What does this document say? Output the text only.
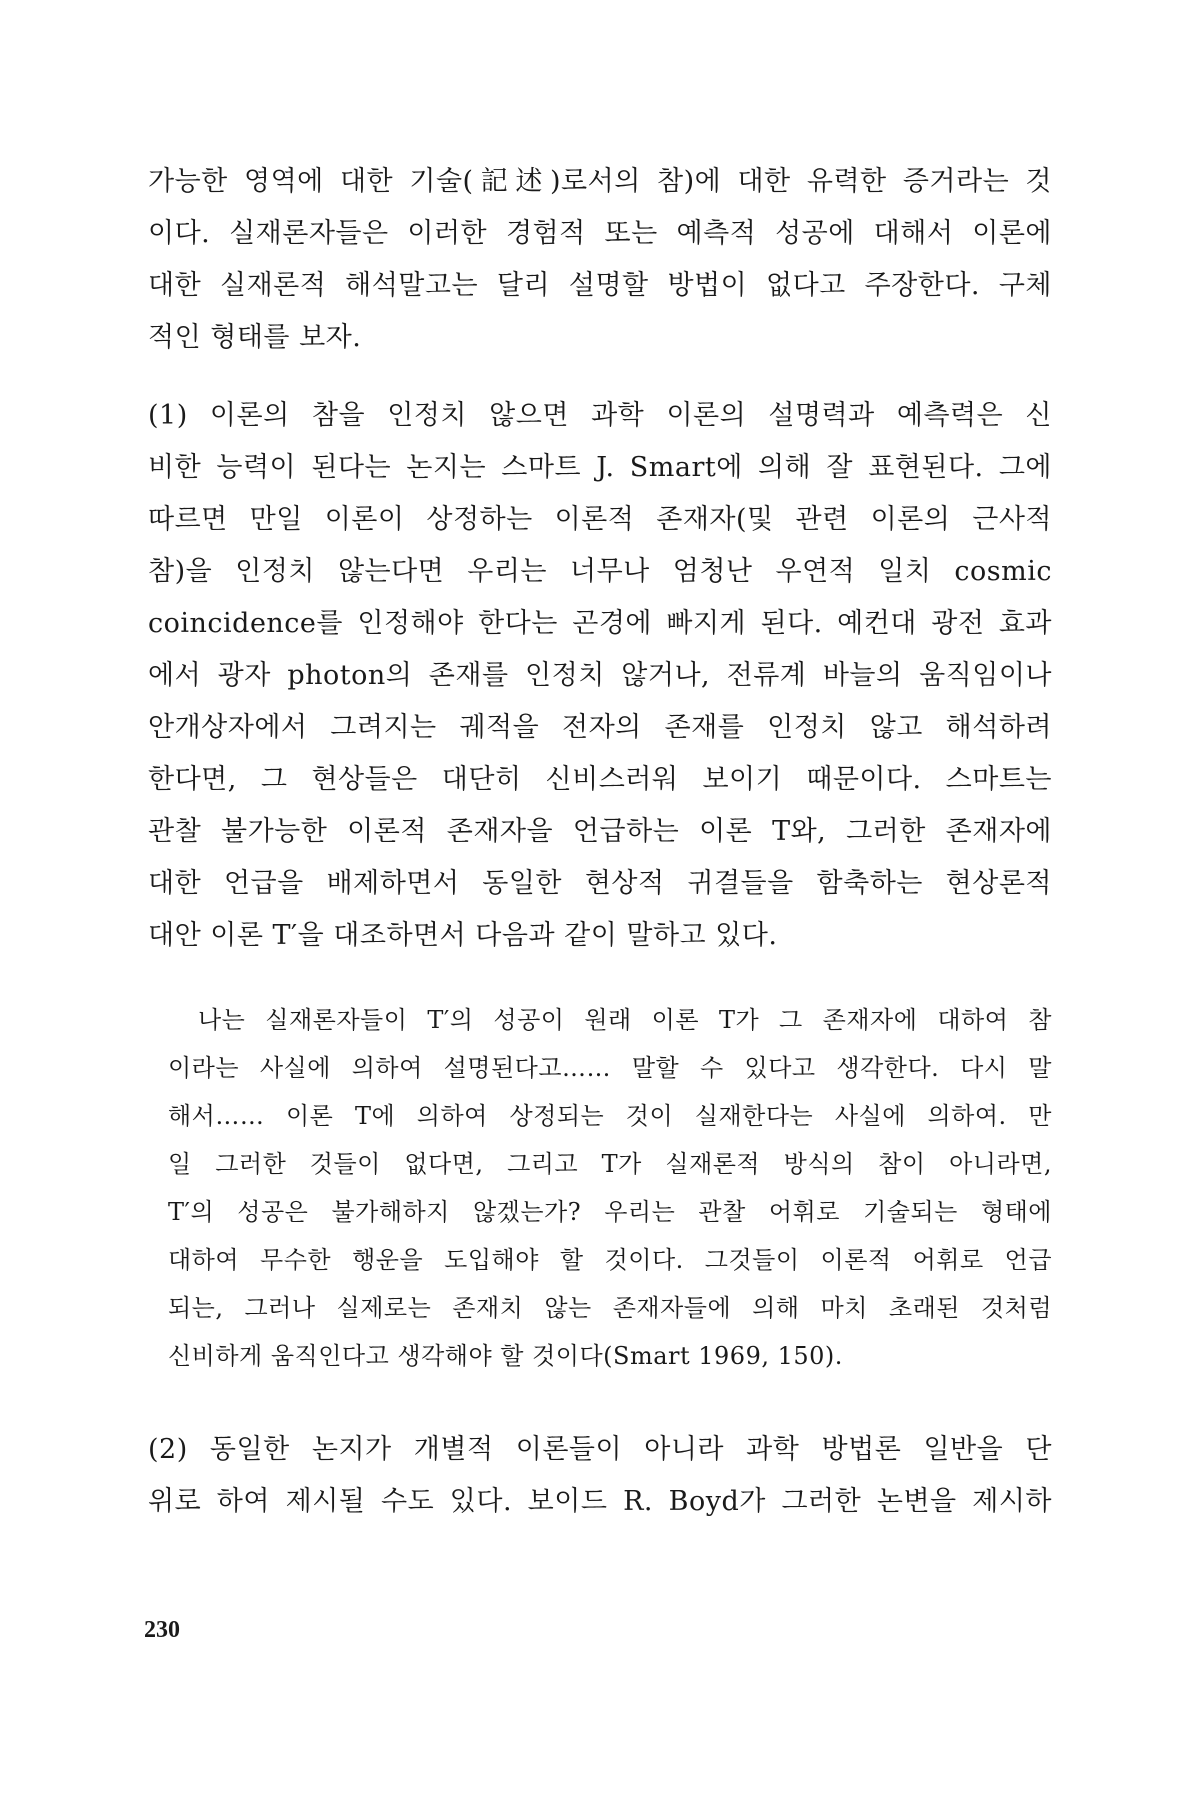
가능한 영역에 대한 기술(記述)로서의 참)에 대한 유력한 증거라는 것
이다. 실재론자들은 이러한 경험적 또는 예측적 성공에 대해서 이론에
대한 실재론적 해석말고는 달리 설명할 방법이 없다고 주장한다. 구체
적인 형태를 보자.
(1) 이론의 참을 인정치 않으면 과학 이론의 설명력과 예측력은 신
비한 능력이 된다는 논지는 스마트 J. Smart에 의해 잘 표현된다. 그에
따르면 만일 이론이 상정하는 이론적 존재자(및 관련 이론의 근사적
참)을 인정치 않는다면 우리는 너무나 엄청난 우연적 일치 cosmic
coincidence를 인정해야 한다는 곤경에 빠지게 된다. 예컨대 광전 효과
에서 광자 photon의 존재를 인정치 않거나, 전류계 바늘의 움직임이나
안개상자에서 그려지는 궤적을 전자의 존재를 인정치 않고 해석하려
한다면, 그 현상들은 대단히 신비스러워 보이기 때문이다. 스마트는
관찰 불가능한 이론적 존재자을 언급하는 이론 T와, 그러한 존재자에
대한 언급을 배제하면서 동일한 현상적 귀결들을 함축하는 현상론적
대안 이론 T′을 대조하면서 다음과 같이 말하고 있다.
나는 실재론자들이 T′의 성공이 원래 이론 T가 그 존재자에 대하여 참
이라는 사실에 의하여 설명된다고…… 말할 수 있다고 생각한다. 다시 말
해서…… 이론 T에 의하여 상정되는 것이 실재한다는 사실에 의하여. 만
일 그러한 것들이 없다면, 그리고 T가 실재론적 방식의 참이 아니라면,
T′의 성공은 불가해하지 않겠는가? 우리는 관찰 어휘로 기술되는 형태에
대하여 무수한 행운을 도입해야 할 것이다. 그것들이 이론적 어휘로 언급
되는, 그러나 실제로는 존재치 않는 존재자들에 의해 마치 초래된 것처럼
신비하게 움직인다고 생각해야 할 것이다(Smart 1969, 150).
(2) 동일한 논지가 개별적 이론들이 아니라 과학 방법론 일반을 단
위로 하여 제시될 수도 있다. 보이드 R. Boyd가 그러한 논변을 제시하
230
